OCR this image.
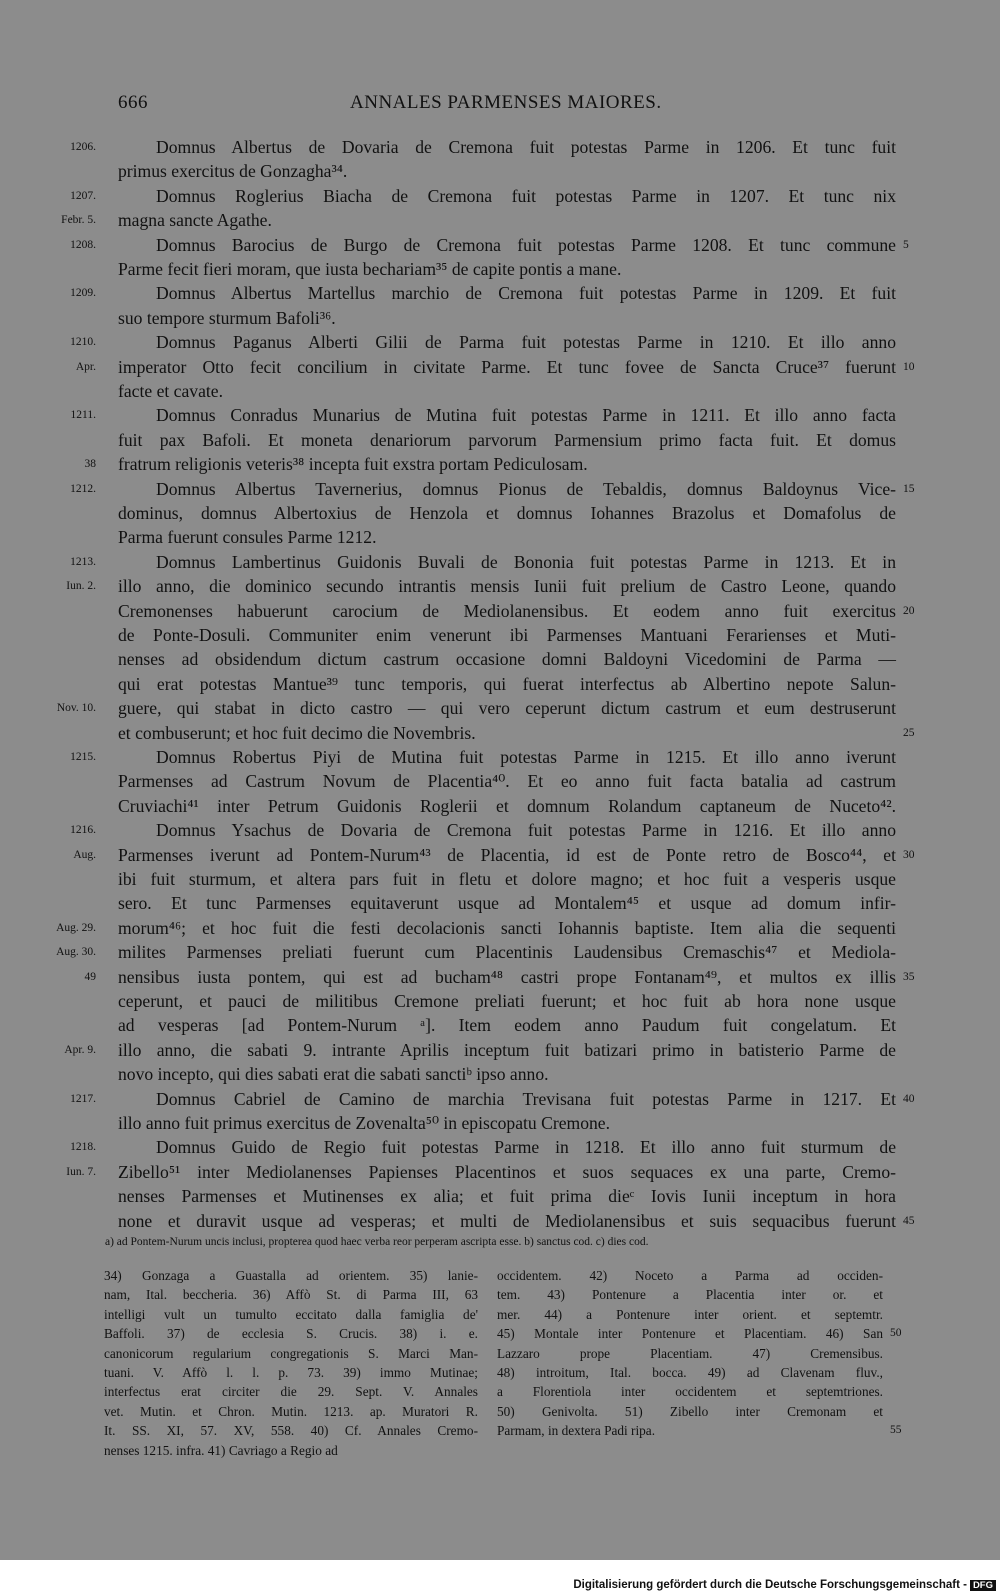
666	ANNALES PARMENSES MAIORES.
Domnus Albertus de Dovaria de Cremona fuit potestas Parme in 1206. Et tunc fuit
1206.
primus exercitus de Gonzagha³⁴.
Domnus Roglerius Biacha de Cremona fuit potestas Parme in 1207. Et tunc nix
1207.
magna sancte Agathe.
Febr. 5.
Domnus Barocius de Burgo de Cremona fuit potestas Parme 1208. Et tunc commune
1208.	5
Parme fecit fieri moram, que iusta bechariam³⁵ de capite pontis a mane.
Domnus Albertus Martellus marchio de Cremona fuit potestas Parme in 1209. Et fuit
1209.
suo tempore sturmum Bafoli³⁶.
Domnus Paganus Alberti Gilii de Parma fuit potestas Parme in 1210. Et illo anno
1210.
imperator Otto fecit concilium in civitate Parme. Et tunc fovee de Sancta Cruce³⁷ fuerunt
Apr.	10
facte et cavate.
Domnus Conradus Munarius de Mutina fuit potestas Parme in 1211. Et illo anno facta
1211.
fuit pax Bafoli. Et moneta denariorum parvorum Parmensium primo facta fuit. Et domus
fratrum religionis veteris³⁸ incepta fuit exstra portam Pediculosam.
38
Domnus Albertus Tavernerius, domnus Pionus de Tebaldis, domnus Baldoynus Vice-
1212.	15
dominus, domnus Albertoxius de Henzola et domnus Iohannes Brazolus et Domafolus de
Parma fuerunt consules Parme 1212.
Domnus Lambertinus Guidonis Buvali de Bononia fuit potestas Parme in 1213. Et in
1213.
illo anno, die dominico secundo intrantis mensis Iunii fuit prelium de Castro Leone, quando
Iun. 2.
Cremonenses habuerunt carocium de Mediolanensibus. Et eodem anno fuit exercitus 20
de Ponte-Dosuli. Communiter enim venerunt ibi Parmenses Mantuani Ferarienses et Muti-
nenses ad obsidendum dictum castrum occasione domni Baldoyni Vicedomini de Parma —
qui erat potestas Mantue³⁹ tunc temporis, qui fuerat interfectus ab Albertino nepote Salun-
guere, qui stabat in dicto castro — qui vero ceperunt dictum castrum et eum destruserunt
Nov. 10.
et combuserunt; et hoc fuit decimo die Novembris.	25
Domnus Robertus Piyi de Mutina fuit potestas Parme in 1215. Et illo anno iverunt
1215.
Parmenses ad Castrum Novum de Placentia⁴⁰. Et eo anno fuit facta batalia ad castrum
Cruviachi⁴¹ inter Petrum Guidonis Roglerii et domnum Rolandum captaneum de Nuceto⁴².
Domnus Ysachus de Dovaria de Cremona fuit potestas Parme in 1216. Et illo anno
1216.
Parmenses iverunt ad Pontem-Nurum⁴³ de Placentia, id est de Ponte retro de Bosco⁴⁴, et
Aug.	30
ibi fuit sturmum, et altera pars fuit in fletu et dolore magno; et hoc fuit a vesperis usque
sero. Et tunc Parmenses equitaverunt usque ad Montalem⁴⁵ et usque ad domum infir-
morum⁴⁶; et hoc fuit die festi decolacionis sancti Iohannis baptiste. Item alia die sequenti
Aug. 29.
milites Parmenses preliati fuerunt cum Placentinis Laudensibus Cremaschis⁴⁷ et Mediola-
Aug. 30.
nensibus iusta pontem, qui est ad bucham⁴⁸ castri prope Fontanam⁴⁹, et multos ex illis
49	35
ceperunt, et pauci de militibus Cremone preliati fuerunt; et hoc fuit ab hora none usque
ad vesperas [ad Pontem-Nurum ᵃ]. Item eodem anno Paudum fuit congelatum. Et
illo anno, die sabati 9. intrante Aprilis inceptum fuit batizari primo in batisterio Parme de
Apr. 9.
novo incepto, qui dies sabati erat die sabati sanctiᵇ ipso anno.
Domnus Cabriel de Camino de marchia Trevisana fuit potestas Parme in 1217. Et
1217.	40
illo anno fuit primus exercitus de Zovenalta⁵⁰ in episcopatu Cremone.
Domnus Guido de Regio fuit potestas Parme in 1218. Et illo anno fuit sturmum de
1218.
Zibello⁵¹ inter Mediolanenses Papienses Placentinos et suos sequaces ex una parte, Cremo-
Iun. 7.
nenses Parmenses et Mutinenses ex alia; et fuit prima dieᶜ Iovis Iunii inceptum in hora
none et duravit usque ad vesperas; et multi de Mediolanensibus et suis sequacibus fuerunt 45
a) ad Pontem-Nurum uncis inclusi, propterea quod haec verba reor perperam ascripta esse. b) sanctus cod. c) dies cod.
34) Gonzaga a Guastalla ad orientem. 35) lanie-
nam, Ital. beccheria. 36) Affò St. di Parma III, 63
intelligi vult un tumulto eccitato dalla famiglia de'
Baffoli. 37) de ecclesia S. Crucis. 38) i. e.
canonicorum regularium congregationis S. Marci Man-
tuani. V. Affò l. l. p. 73. 39) immo Mutinae;
interfectus erat circiter die 29. Sept. V. Annales
vet. Mutin. et Chron. Mutin. 1213. ap. Muratori R.
It. SS. XI, 57. XV, 558. 40) Cf. Annales Cremo-
nenses 1215. infra. 41) Cavriago a Regio ad
occidentem. 42) Noceto a Parma ad occiden-
tem. 43) Pontenure a Placentia inter or. et
mer. 44) a Pontenure inter orient. et septemtr.
45) Montale inter Pontenure et Placentiam. 46) San
Lazzaro prope Placentiam. 47) Cremensibus.
48) introitum, Ital. bocca. 49) ad Clavenam fluv.,
a Florentiola inter occidentem et septemtriones.
50) Genivolta. 51) Zibello inter Cremonam et
Parmam, in dextera Padi ripa.
50
55
Digitalisierung gefördert durch die Deutsche Forschungsgemeinschaft - DFG
